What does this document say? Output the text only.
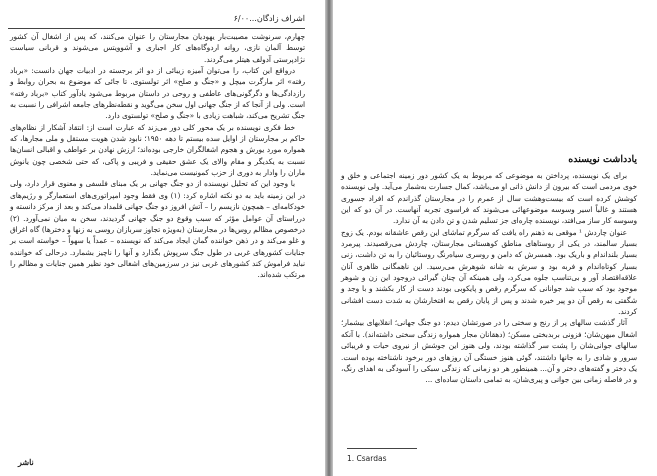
اشراف زادگان...۶/۰۰

چهارم، سرنوشت مصیبت‌بار یهودیان مجارستان را عنوان می‌کنند، که پس از اشغال آن کشور توسط آلمان نازی، روانه اردوگاه‌های کار اجباری و آشوویتس می‌شوند و قربانی سیاست نژادپرستی آدولف هیتلر می‌گردند.

درواقع این کتاب، را می‌توان آمیزه زیبائی از دو اثر برجسته در ادبیات جهان دانست: «برباد رفته» اثر مارگرت میچل و «جنگ و صلح» اثر تولستوی. تا جائی که موضوع به بحران روابط و رازدادگی‌ها و دگرگونی‌های عاطفی و روحی در داستان مربوط می‌شود یادآور کتاب «برباد رفته» است. ولی از آنجا که از جنگ جهانی اول سخن می‌گوید و نقطه‌نظرهای جامعه اشرافی را نسبت به جنگ تشریح می‌کند، شباهت زیادی با «جنگ و صلح» تولستوی دارد.

خط فکری نویسنده بر یک محور کلی دور می‌زند که عبارت است از: انتقاد آشکار از نظام‌های حاکم بر مجارستان از اوایل سده بیستم تا دهه ۱۹۵۰؛ نابود شدن هویت مستقل و ملی مجارها، که همواره مورد یورش و هجوم اشغالگران خارجی بوده‌اند؛ ارزش نهادن بر عواطف و اقبالی انسان‌ها نسبت به یکدیگر و مقام والای یک عشق حقیقی و فریبی و پاکی، که حتی شخصی چون یانوش ماران را وادار به دوری از حزب کمونیست می‌نماید.

با وجود این که تحلیل نویسنده از دو جنگ جهانی بر یک مبنای فلسفی و معنوی قرار دارد، ولی در این زمینه باید به دو نکته اشاره کرد: (۱) وی فقط وجود امپراتوری‌های استعمارگر و رژیم‌های خودکامه‌ای – همچون نازیسم را – آتش افروز دو جنگ جهانی قلمداد می‌کند و بعد از مرکز دانسته و درراستای آن عوامل مؤثر که سبب وقوع دو جنگ جهانی گردیدند، سخن به میان نمی‌آورد. (۲) درخصوص مظالم روس‌ها در مجارستان (به‌ویژه تجاوز سربازان روسی به زنها و دخترها) گاه اغراق و غلو می‌کند و در ذهن خواننده گمان ایجاد می‌کند که نویسنده – عمداً یا سهواً – خواسته است بر جنایات کشورهای غربی در طول جنگ سرپوش بگذارد و آنها را ناچیز بشمارد. درحالی که خواننده نباید فراموش کند کشورهای غربی نیز در سرزمین‌های اشغالی خود نظیر همین جنایات و مظالم را مرتکب شده‌اند.

ناشر
یادداشت نویسنده

برای یک نویسنده، پرداختن به موضوعی که مربوط به یک کشور دور زمینه اجتماعی و خلق و خوی مردمی است که بیرون از دانش ذاتی او می‌باشد، کمال جسارت به‌شمار می‌آید. ولی نویسنده کوشش کرده است که بیست‌وهشت سال از عمرم را در مجارستان گذراندم که افراد جسوری هستند و غالباً اسیر وسوسه موضوعهائی می‌شوند که فراسوی تجربه آنهاست. در آن دو که این وسوسه کار ساز می‌افتد، نویسنده چاره‌ای جز تسلیم شدن و تن دادن به آن ندارد.

عنوان چاردش ¹ موقعی به ذهنم راه یافت که سرگرم تماشای این رقص عاشقانه بودم. یک زوج بسیار سالمند، در یکی از روستاهای مناطق کوهستانی مجارستان، چاردش می‌رقصیدند. پیرمرد بسیار بلنداندام و باریک بود. همسرش که دامن و روسری سیاه‌رنگ روستائیان را به تن داشت، زنی بسیار کوتاه‌اندام و فربه بود و سرش به شانه شوهرش می‌رسید. این ناهمگانی ظاهری آنان علاقه‌اقتصاد آور و بی‌تناسب جلوه می‌کرد، ولی همینکه آن چنان گیرائی دروجود این زن و شوهر موجود بود که سبب شد جوانانی که سرگرم رقص و پایکوبی بودند دست از کار بکشند و با وجد و شگفتی به رقص آن دو پیر خیره شدند و پس از پایان رقص به افتخارشان به شدت دست افشانی کردند.

آثار گذشت سالهای پر از رنج و سختی را در صورتشان دیدم: دو جنگ جهانی؛ انقلابهای بیشمار؛ اشغال میهن‌شان؛ فزونی بربدبختی مسکن؛ (دهقانان مجار همواره زندگی سختی داشته‌اند). با آنکه سالهای جوانی‌شان را پشت سر گذاشته بودند، ولی هنوز این جوشش از نیروی حیات و فریبائی سرور و شادی را به جانها داشتند، گوئی هنوز خستگی آن روزهای دور برخود ناشناخته بوده است. یک دختر و گفته‌های دختر و آن... همینطور هر دو زمانی که زندگی سبکی را آسودگی به اهدای رنگ، و در فاصله زمانی بین جوانی و پیری‌شان، به تمامی داستان ساده‌ای ...

1. Csardas
